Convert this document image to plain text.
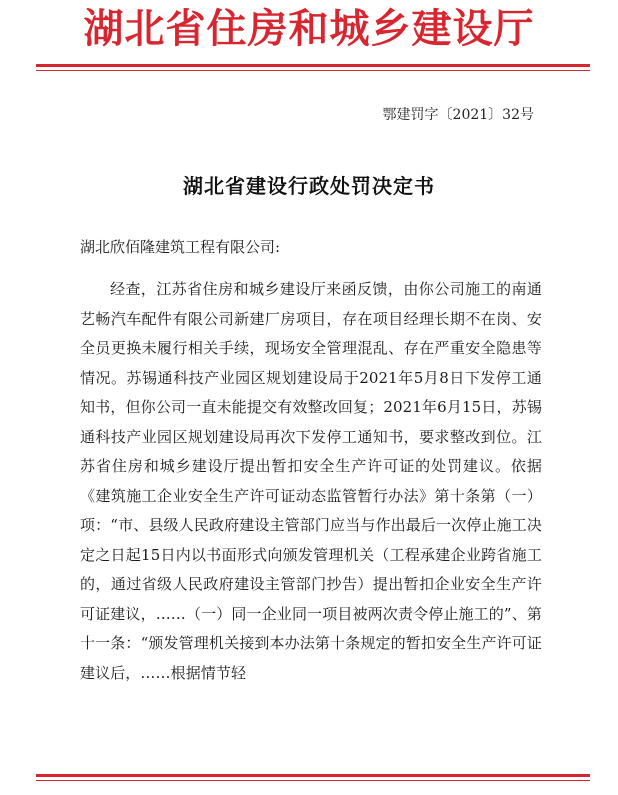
湖北省住房和城乡建设厅
鄂建罚字〔2021〕32号
湖北省建设行政处罚决定书
湖北欣佰隆建筑工程有限公司:

经查，江苏省住房和城乡建设厅来函反馈，由你公司施工的南通艺畅汽车配件有限公司新建厂房项目，存在项目经理长期不在岗、安全员更换未履行相关手续，现场安全管理混乱、存在严重安全隐患等情况。苏锡通科技产业园区规划建设局于2021年5月8日下发停工通知书，但你公司一直未能提交有效整改回复；2021年6月15日，苏锡通科技产业园区规划建设局再次下发停工通知书，要求整改到位。江苏省住房和城乡建设厅提出暂扣安全生产许可证的处罚建议。依据《建筑施工企业安全生产许可证动态监管暂行办法》第十条第（一）项：“市、县级人民政府建设主管部门应当与作出最后一次停止施工决定之日起15日内以书面形式向颁发管理机关（工程承建企业跨省施工的，通过省级人民政府建设主管部门抄告）提出暂扣企业安全生产许可证建议，……（一）同一企业同一项目被两次责令停止施工的”、第十一条：“颁发管理机关接到本办法第十条规定的暂扣安全生产许可证建议后，……根据情节轻
